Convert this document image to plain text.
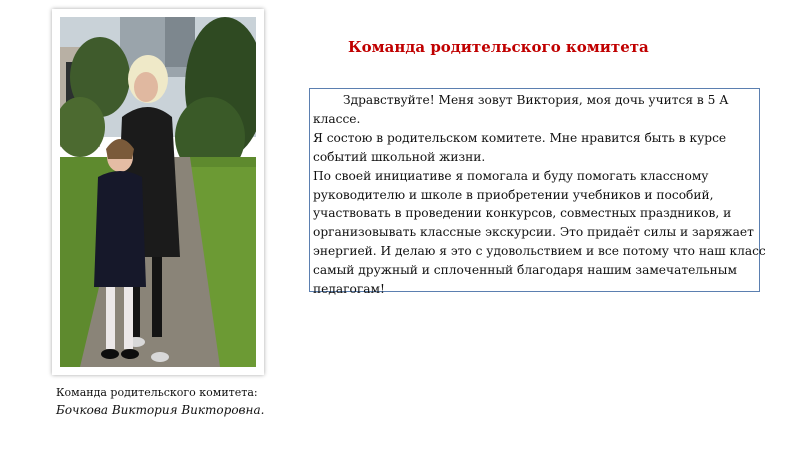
Команда родительского комитета:
Бочкова Виктория Викторовна.
Команда родительского комитета

Здравствуйте! Меня зовут Виктория, моя дочь учится в 5 А классе.

Я состою в родительском комитете. Мне нравится быть в курсе событий школьной жизни.

По своей инициативе я помогала и буду помогать классному руководителю и школе в приобретении учебников и пособий, участвовать в проведении конкурсов, совместных праздников, и организовывать классные экскурсии. Это придаёт силы и заряжает энергией. И делаю я это с удовольствием и все потому что наш класс самый дружный и сплоченный благодаря нашим замечательным педагогам!
